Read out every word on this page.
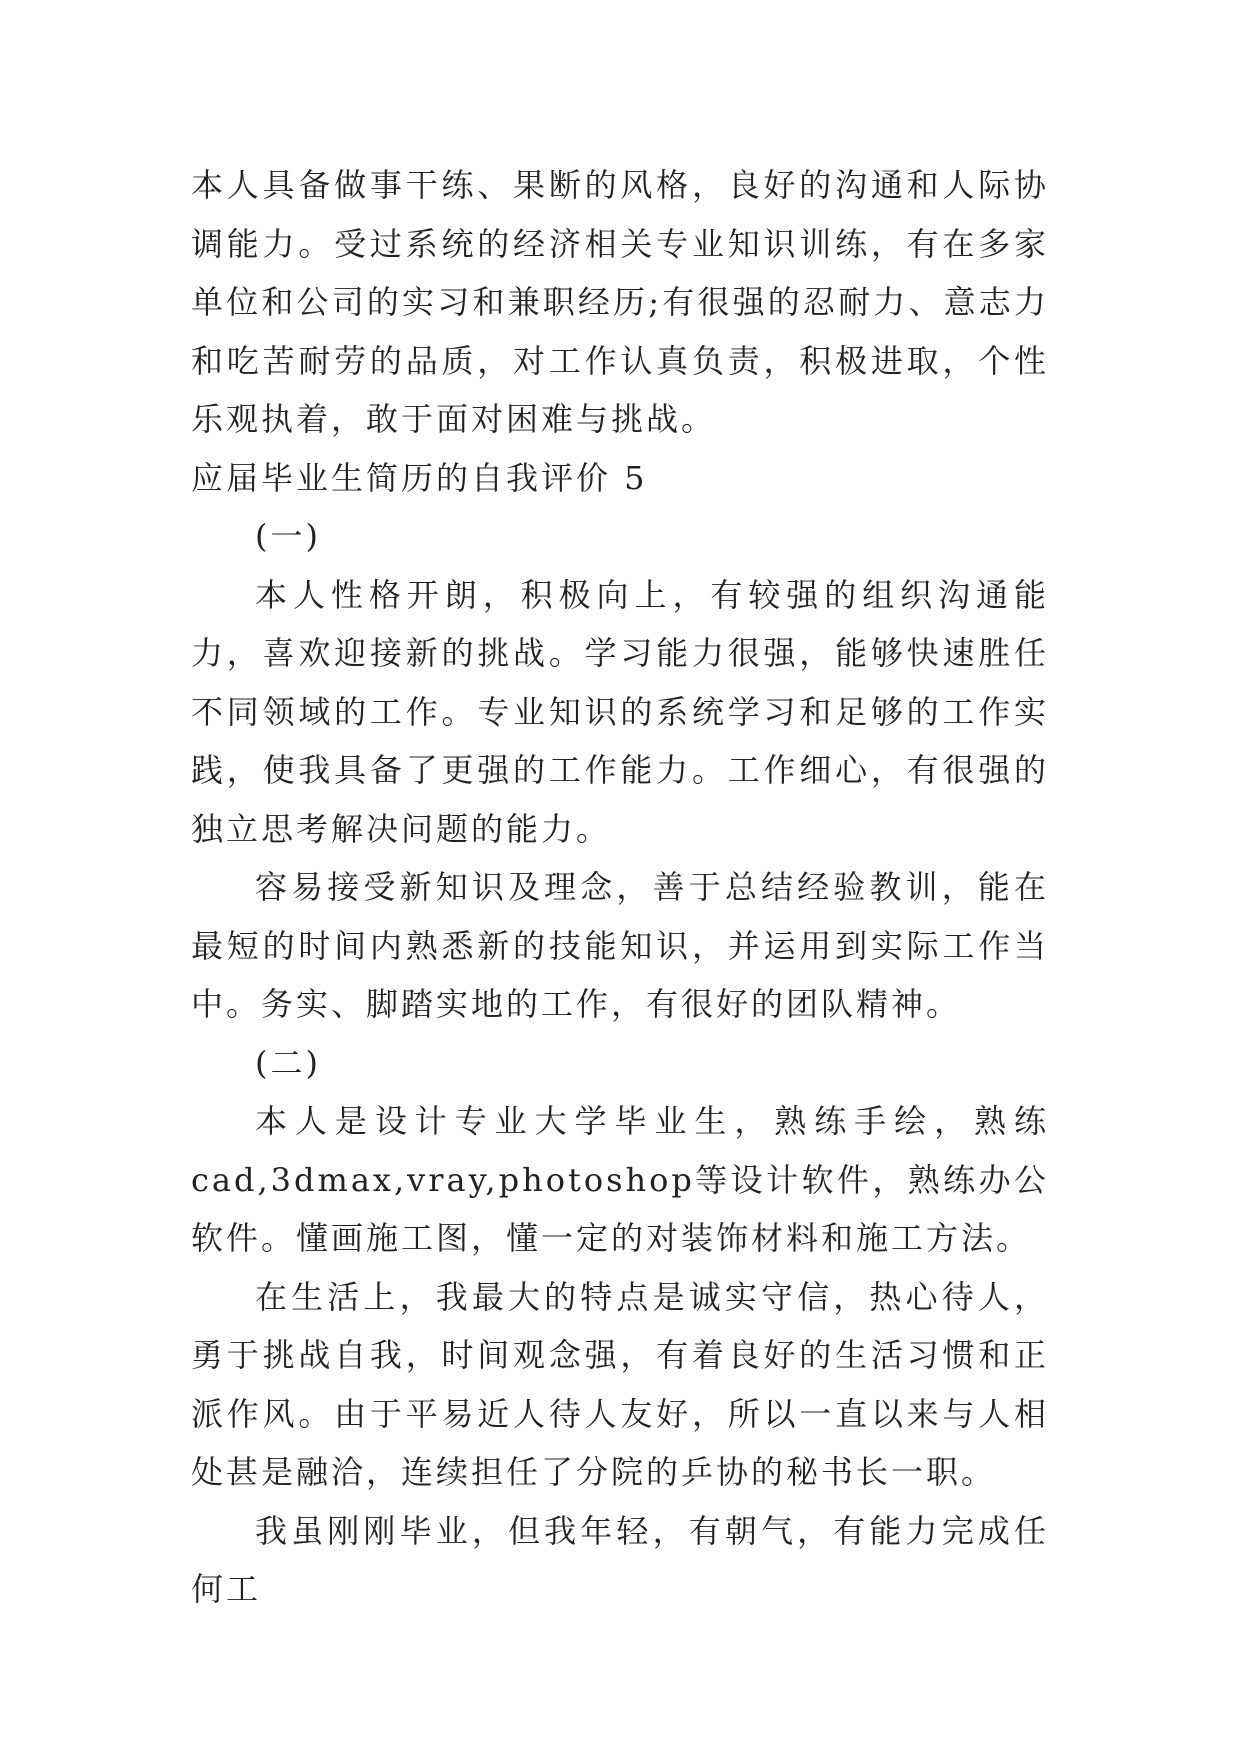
本人具备做事干练、果断的风格，良好的沟通和人际协调能力。受过系统的经济相关专业知识训练，有在多家单位和公司的实习和兼职经历;有很强的忍耐力、意志力和吃苦耐劳的品质，对工作认真负责，积极进取，个性乐观执着，敢于面对困难与挑战。

应届毕业生简历的自我评价 5

(一)

本人性格开朗，积极向上，有较强的组织沟通能力，喜欢迎接新的挑战。学习能力很强，能够快速胜任不同领域的工作。专业知识的系统学习和足够的工作实践，使我具备了更强的工作能力。工作细心，有很强的独立思考解决问题的能力。

容易接受新知识及理念，善于总结经验教训，能在最短的时间内熟悉新的技能知识，并运用到实际工作当中。务实、脚踏实地的工作，有很好的团队精神。

(二)

本人是设计专业大学毕业生，熟练手绘，熟练cad,3dmax,vray,photoshop等设计软件，熟练办公软件。懂画施工图，懂一定的对装饰材料和施工方法。

在生活上，我最大的特点是诚实守信，热心待人，勇于挑战自我，时间观念强，有着良好的生活习惯和正派作风。由于平易近人待人友好，所以一直以来与人相处甚是融洽，连续担任了分院的乒协的秘书长一职。

我虽刚刚毕业，但我年轻，有朝气，有能力完成任何工
